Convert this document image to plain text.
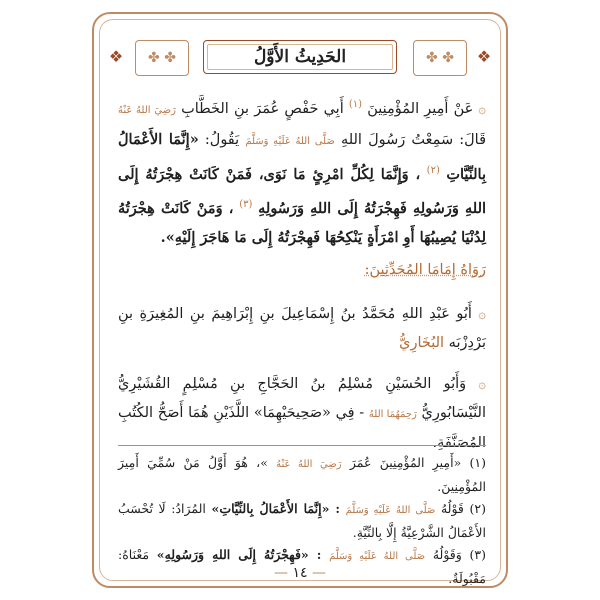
❖	❖
✤ ✤	✤ ✤
الحَدِيثُ الأَوَّلُ
۞ عَنْ أَمِيرِ المُؤْمِنِينَ $^{(١)}$ أَبِي حَفْصٍ عُمَرَ بنِ الخَطَّابِ رَضِيَ اللهُ عَنْهُ قَالَ: سَمِعْتُ رَسُولَ اللهِ صَلَّى اللهُ عَلَيْهِ وَسَلَّمَ يَقُولُ: «إِنَّمَا الأَعْمَالُ بِالنِّيَّاتِ $^{(٢)}$ ، وَإِنَّمَا لِكُلِّ امْرِئٍ مَا نَوَى، فَمَنْ كَانَتْ هِجْرَتُهُ إِلَى اللهِ وَرَسُولِهِ فَهِجْرَتُهُ إِلَى اللهِ وَرَسُولِهِ $^{(٣)}$ ، وَمَنْ كَانَتْ هِجْرَتُهُ لِدُنْيَا يُصِيبُهَا أَوِ امْرَأَةٍ يَنْكِحُهَا فَهِجْرَتُهُ إِلَى مَا هَاجَرَ إِلَيْهِ».
رَوَاهُ إِمَامَا المُحَدِّثِينَ:
۞ أَبُو عَبْدِ اللهِ مُحَمَّدُ بنُ إِسْمَاعِيلَ بنِ إِبْرَاهِيمَ بنِ المُغِيرَةِ بنِ بَرْدِزْبَه البُخَارِيُّ
۞ وَأَبُو الحُسَيْنِ مُسْلِمُ بنُ الحَجَّاجِ بنِ مُسْلِمٍ القُشَيْرِيُّ النَّيْسَابُورِيُّ رَحِمَهُمَا اللهُ - فِي «صَحِيحَيْهِمَا» اللَّذَيْنِ هُمَا أَصَحُّ الكُتُبِ المُصَنَّفَةِ.
(١) «أَمِيرِ المُؤْمِنِينَ عُمَرَ رَضِيَ اللهُ عَنْهُ »، هُوَ أَوَّلُ مَنْ سُمِّيَ أَمِيرَ المُؤْمِنِينَ.
(٢) قَوْلُهُ صَلَّى اللهُ عَلَيْهِ وَسَلَّمَ : «إِنَّمَا الأَعْمَالُ بِالنِّيَّاتِ» المُرَادُ: لَا تُحْسَبُ الأَعْمَالُ الشَّرْعِيَّةُ إِلَّا بِالنِّيَّةِ.
(٣) وَقَوْلُهُ صَلَّى اللهُ عَلَيْهِ وَسَلَّمَ : «فَهِجْرَتُهُ إِلَى اللهِ وَرَسُولِهِ» مَعْنَاهُ: مَقْبُولَةٌ.
— ١٤ —
